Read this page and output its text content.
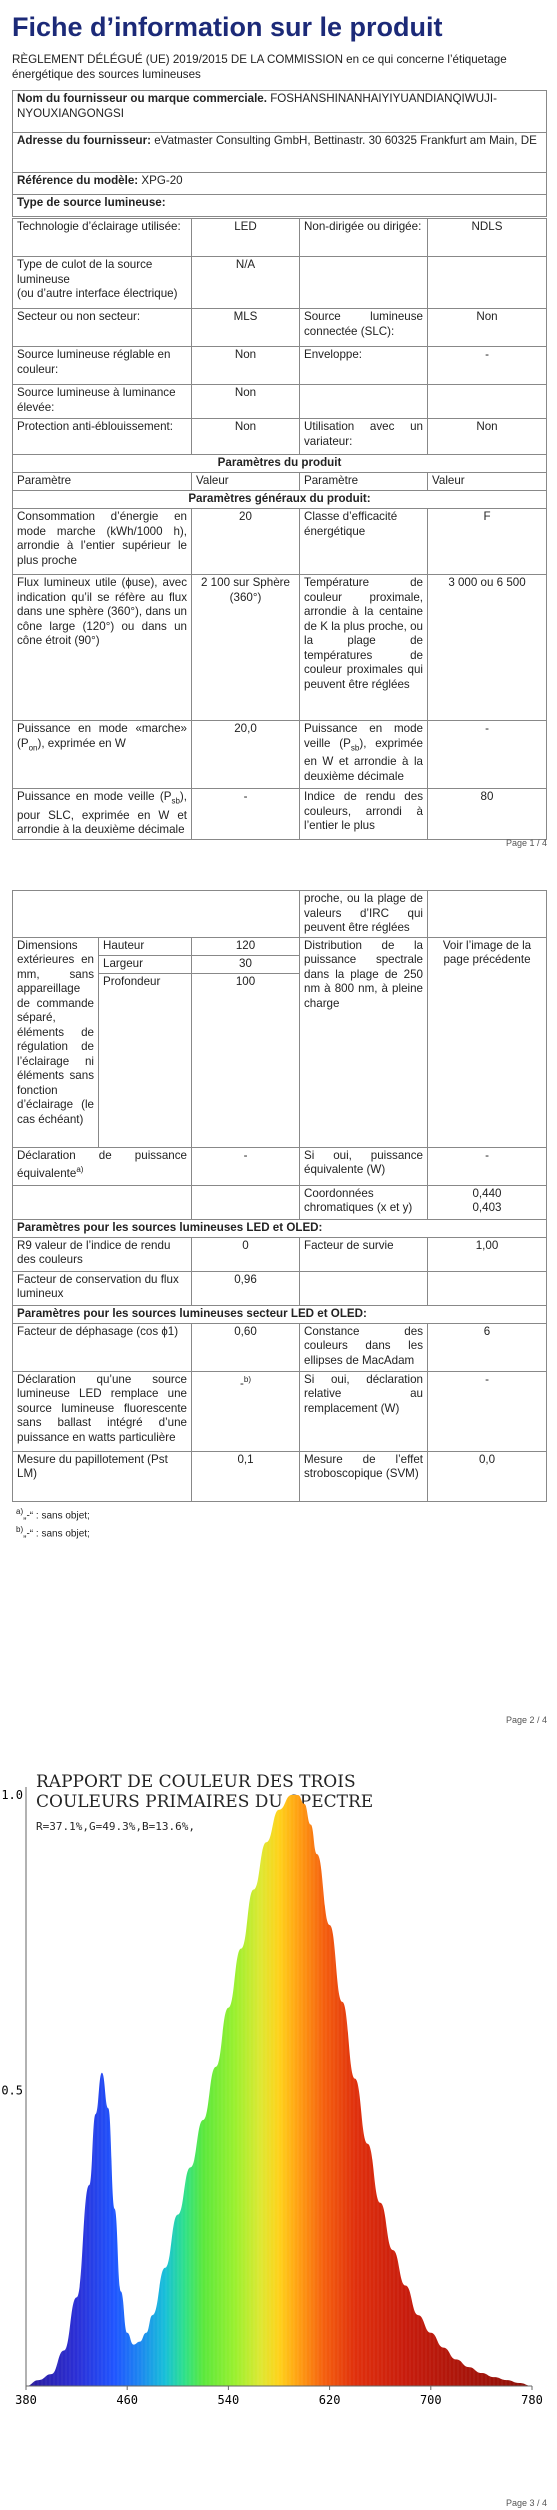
Fiche d’information sur le produit
RÈGLEMENT DÉLÉGUÉ (UE) 2019/2015 DE LA COMMISSION en ce qui concerne l’étiquetage énergétique des sources lumineuses
Nom du fournisseur ou marque commerciale. FOSHANSHINANHAIYIYUANDIANQIWUJI-NYOUXIANGONGSI
Adresse du fournisseur: eVatmaster Consulting GmbH, Bettinastr. 30 60325 Frankfurt am Main, DE
Référence du modèle: XPG-20
Type de source lumineuse:
Technologie d’éclairage utilisée:	LED	Non-dirigée ou dirigée:	NDLS

Type de culot de la source lumineuse
(ou d’autre interface électrique)	N/A		
Secteur ou non secteur:	MLS	Source lumineuse connectée (SLC):	Non
Source lumineuse réglable en couleur:	Non	Enveloppe:	-
Source lumineuse à luminance élevée:	Non		
Protection anti-éblouissement:	Non	Utilisation avec un variateur:	Non
Paramètres du produit			
Paramètre	Valeur	Paramètre	Valeur
Paramètres généraux du produit:			
Consommation d’énergie en mode marche (kWh/1000 h), arrondie à l’entier supérieur le plus proche	20	Classe d’efficacité énergétique	F
Flux lumineux utile (ɸuse), avec indication qu’il se réfère au flux dans une sphère (360°), dans un cône large (120°) ou dans un cône étroit (90°)	2 100 sur Sphère (360°)	Température de couleur proximale, arrondie à la centaine de K la plus proche, ou la plage de températures de couleur proximales qui peuvent être réglées	3 000 ou 6 500
Puissance en mode «marche» $(P_{on})$, exprimée en W	20,0	Puissance en mode veille $(P_{sb})$, exprimée en W et arrondie à la deuxième décimale	-
Puissance en mode veille $(P_{sb})$, pour SLC, exprimée en W et arrondie à la deuxième décimale	-	Indice de rendu des couleurs, arrondi à l’entier le plus	80
Page 1 / 4
			proche, ou la plage de valeurs d’IRC qui peuvent être réglées	
Dimensions extérieures en mm, sans appareillage de commande séparé, éléments de régulation de l’éclairage ni éléments sans fonction d’éclairage (le cas échéant)	Hauteur	120	Distribution de la puissance spectrale dans la plage de 250 nm à 800 nm, à pleine charge	Voir l’image de la page précédente
	Largeur	30		
	Profondeur	100		
Déclaration de puissance équivalente$^{a)}$		-	Si oui, puissance équivalente (W)	-
			Coordonnées chromatiques (x et y)	0,440
0,403

Paramètres pour les sources lumineuses LED et OLED:				
R9 valeur de l’indice de rendu des couleurs		0	Facteur de survie	1,00
Facteur de conservation du flux lumineux		0,96		
Paramètres pour les sources lumineuses secteur LED et OLED:				
Facteur de déphasage (cos ɸ1)		0,60	Constance des couleurs dans les ellipses de MacAdam	6
Déclaration qu’une source lumineuse LED remplace une source lumineuse fluorescente sans ballast intégré d’une puissance en watts particulière		-$^{b)}$	Si oui, déclaration relative au remplacement (W)	-
Mesure du papillotement (Pst LM)		0,1	Mesure de l’effet stroboscopique (SVM)	0,0
$^{a)}$„-“ : sans objet;
$^{b)}$„-“ : sans objet;
Page 2 / 4
RAPPORT DE COULEUR DES TROIS COULEURS PRIMAIRES DU SPECTRE
R=37.1%,G=49.3%,B=13.6%,
380	460	540	620	700	780
1.0
0.5
Page 3 / 4
